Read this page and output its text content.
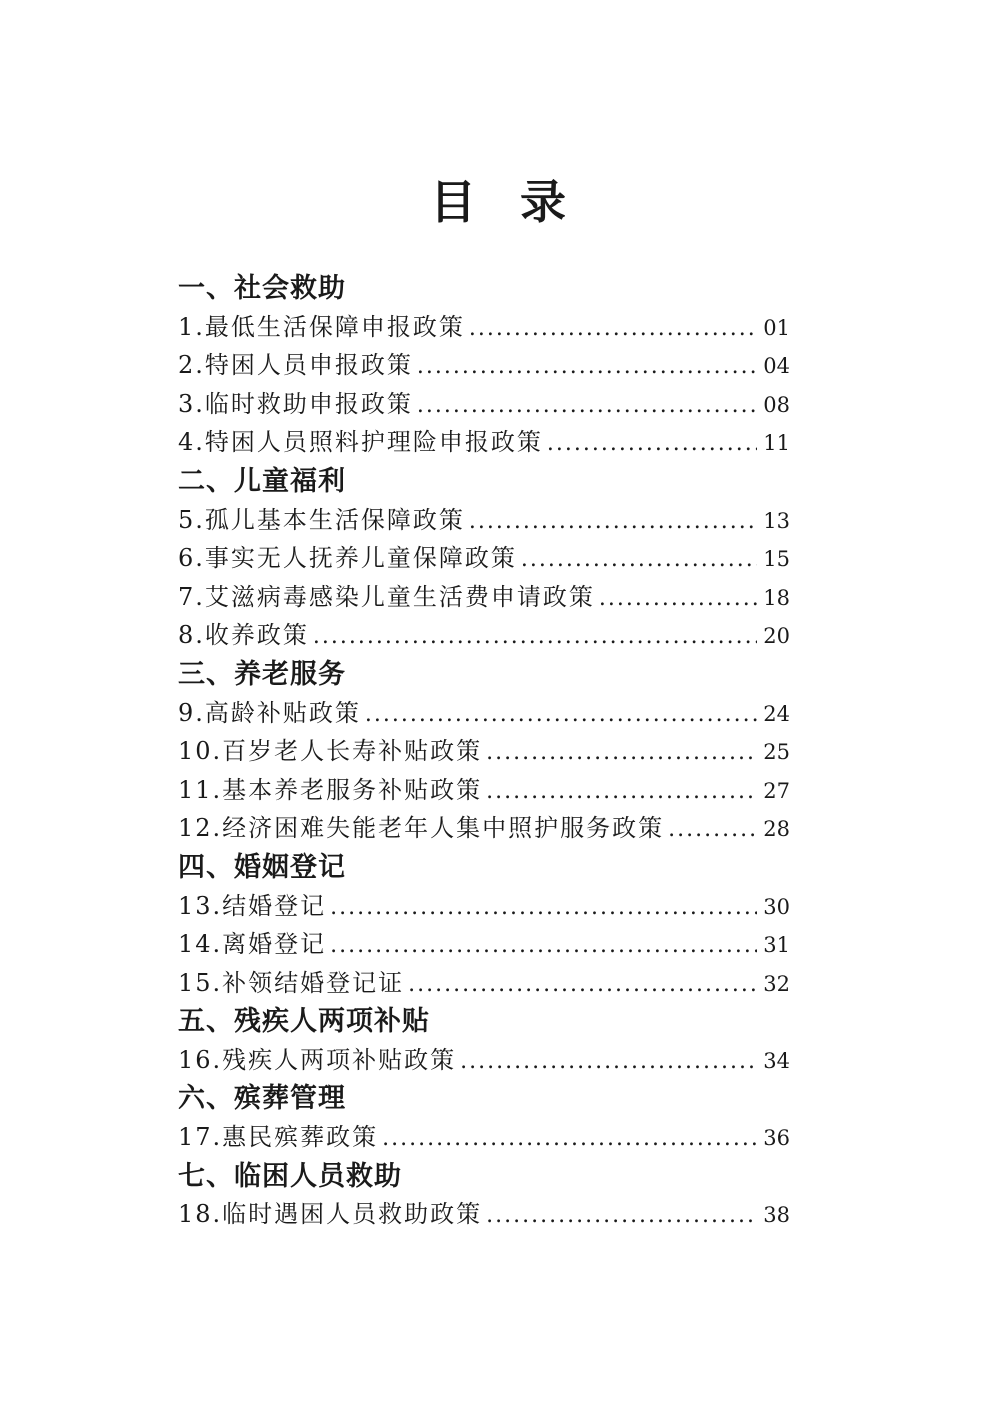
目  录
一、社会救助
1.最低生活保障申报政策 .....	01
2.特困人员申报政策 .....	04
3.临时救助申报政策 .....	08
4.特困人员照料护理险申报政策 .....	11
二、儿童福利
5.孤儿基本生活保障政策 .....	13
6.事实无人抚养儿童保障政策 .....	15
7.艾滋病毒感染儿童生活费申请政策 .....	18
8.收养政策 .....	20
三、养老服务
9.高龄补贴政策 .....	24
10.百岁老人长寿补贴政策 .....	25
11.基本养老服务补贴政策 .....	27
12.经济困难失能老年人集中照护服务政策 .....	28
四、婚姻登记
13.结婚登记 .....	30
14.离婚登记 .....	31
15.补领结婚登记证 .....	32
五、残疾人两项补贴
16.残疾人两项补贴政策 .....	34
六、殡葬管理
17.惠民殡葬政策 .....	36
七、临困人员救助
18.临时遇困人员救助政策 .....	38
